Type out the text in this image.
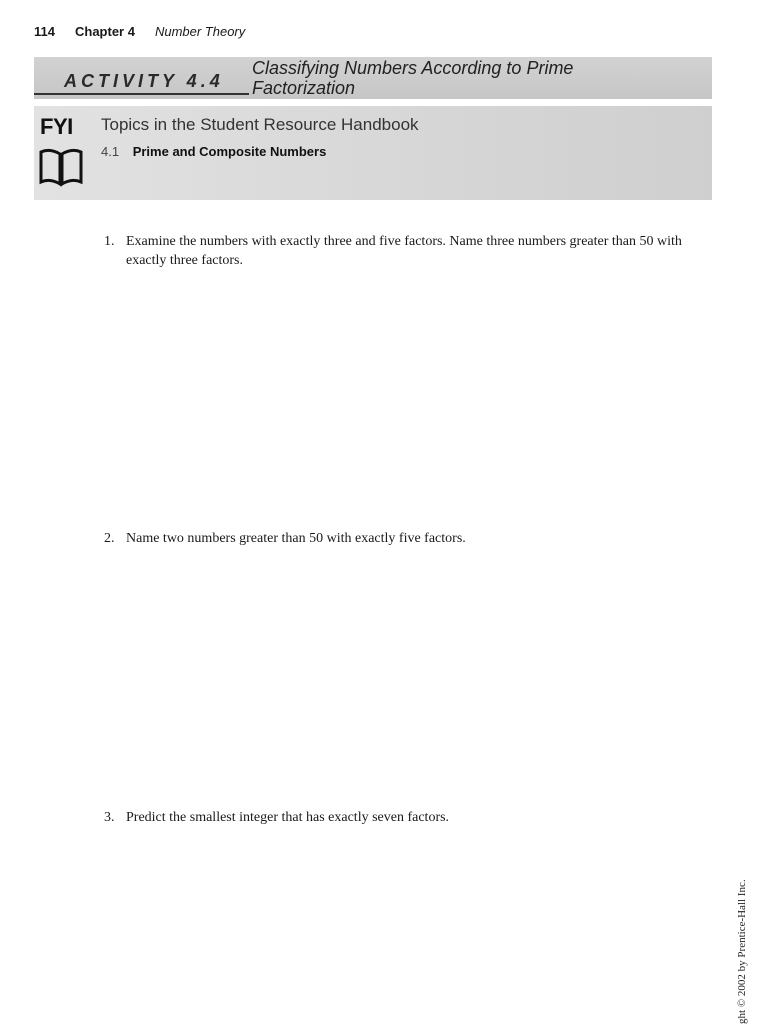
114 Chapter 4 Number Theory
ACTIVITY 4.4
Classifying Numbers According to Prime
Factorization
FYI Topics in the Student Resource Handbook
4.1 Prime and Composite Numbers
1. Examine the numbers with exactly three and five factors. Name three numbers greater than 50 with exactly three factors.
2. Name two numbers greater than 50 with exactly five factors.
3. Predict the smallest integer that has exactly seven factors.
ght © 2002 by Prentice-Hall Inc.
